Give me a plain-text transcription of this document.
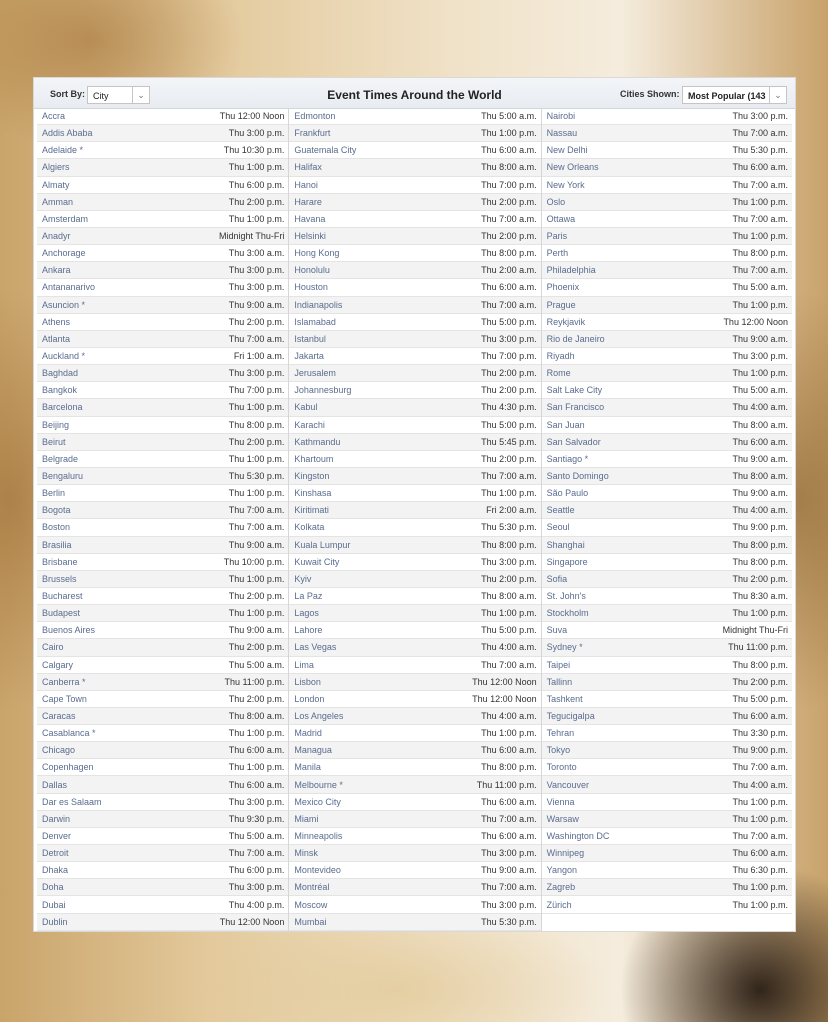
Sort By: City	⌄	Event Times Around the World	Cities Shown: Most Popular (143 ⌄
Accra	Thu 12:00 Noon
Addis Ababa	Thu 3:00 p.m.
Adelaide *	Thu 10:30 p.m.
Algiers	Thu 1:00 p.m.
Almaty	Thu 6:00 p.m.
Amman	Thu 2:00 p.m.
Amsterdam	Thu 1:00 p.m.
Anadyr	Midnight Thu-Fri
Anchorage	Thu 3:00 a.m.
Ankara	Thu 3:00 p.m.
Antananarivo	Thu 3:00 p.m.
Asuncion *	Thu 9:00 a.m.
Athens	Thu 2:00 p.m.
Atlanta	Thu 7:00 a.m.
Auckland *	Fri 1:00 a.m.
Baghdad	Thu 3:00 p.m.
Bangkok	Thu 7:00 p.m.
Barcelona	Thu 1:00 p.m.
Beijing	Thu 8:00 p.m.
Beirut	Thu 2:00 p.m.
Belgrade	Thu 1:00 p.m.
Bengaluru	Thu 5:30 p.m.
Berlin	Thu 1:00 p.m.
Bogota	Thu 7:00 a.m.
Boston	Thu 7:00 a.m.
Brasilia	Thu 9:00 a.m.
Brisbane	Thu 10:00 p.m.
Brussels	Thu 1:00 p.m.
Bucharest	Thu 2:00 p.m.
Budapest	Thu 1:00 p.m.
Buenos Aires	Thu 9:00 a.m.
Cairo	Thu 2:00 p.m.
Calgary	Thu 5:00 a.m.
Canberra *	Thu 11:00 p.m.
Cape Town	Thu 2:00 p.m.
Caracas	Thu 8:00 a.m.
Casablanca *	Thu 1:00 p.m.
Chicago	Thu 6:00 a.m.
Copenhagen	Thu 1:00 p.m.
Dallas	Thu 6:00 a.m.
Dar es Salaam	Thu 3:00 p.m.
Darwin	Thu 9:30 p.m.
Denver	Thu 5:00 a.m.
Detroit	Thu 7:00 a.m.
Dhaka	Thu 6:00 p.m.
Doha	Thu 3:00 p.m.
Dubai	Thu 4:00 p.m.
Dublin	Thu 12:00 Noon
Edmonton	Thu 5:00 a.m.
Frankfurt	Thu 1:00 p.m.
Guatemala City	Thu 6:00 a.m.
Halifax	Thu 8:00 a.m.
Hanoi	Thu 7:00 p.m.
Harare	Thu 2:00 p.m.
Havana	Thu 7:00 a.m.
Helsinki	Thu 2:00 p.m.
Hong Kong	Thu 8:00 p.m.
Honolulu	Thu 2:00 a.m.
Houston	Thu 6:00 a.m.
Indianapolis	Thu 7:00 a.m.
Islamabad	Thu 5:00 p.m.
Istanbul	Thu 3:00 p.m.
Jakarta	Thu 7:00 p.m.
Jerusalem	Thu 2:00 p.m.
Johannesburg	Thu 2:00 p.m.
Kabul	Thu 4:30 p.m.
Karachi	Thu 5:00 p.m.
Kathmandu	Thu 5:45 p.m.
Khartoum	Thu 2:00 p.m.
Kingston	Thu 7:00 a.m.
Kinshasa	Thu 1:00 p.m.
Kiritimati	Fri 2:00 a.m.
Kolkata	Thu 5:30 p.m.
Kuala Lumpur	Thu 8:00 p.m.
Kuwait City	Thu 3:00 p.m.
Kyiv	Thu 2:00 p.m.
La Paz	Thu 8:00 a.m.
Lagos	Thu 1:00 p.m.
Lahore	Thu 5:00 p.m.
Las Vegas	Thu 4:00 a.m.
Lima	Thu 7:00 a.m.
Lisbon	Thu 12:00 Noon
London	Thu 12:00 Noon
Los Angeles	Thu 4:00 a.m.
Madrid	Thu 1:00 p.m.
Managua	Thu 6:00 a.m.
Manila	Thu 8:00 p.m.
Melbourne *	Thu 11:00 p.m.
Mexico City	Thu 6:00 a.m.
Miami	Thu 7:00 a.m.
Minneapolis	Thu 6:00 a.m.
Minsk	Thu 3:00 p.m.
Montevideo	Thu 9:00 a.m.
Montréal	Thu 7:00 a.m.
Moscow	Thu 3:00 p.m.
Mumbai	Thu 5:30 p.m.
Nairobi	Thu 3:00 p.m.
Nassau	Thu 7:00 a.m.
New Delhi	Thu 5:30 p.m.
New Orleans	Thu 6:00 a.m.
New York	Thu 7:00 a.m.
Oslo	Thu 1:00 p.m.
Ottawa	Thu 7:00 a.m.
Paris	Thu 1:00 p.m.
Perth	Thu 8:00 p.m.
Philadelphia	Thu 7:00 a.m.
Phoenix	Thu 5:00 a.m.
Prague	Thu 1:00 p.m.
Reykjavik	Thu 12:00 Noon
Rio de Janeiro	Thu 9:00 a.m.
Riyadh	Thu 3:00 p.m.
Rome	Thu 1:00 p.m.
Salt Lake City	Thu 5:00 a.m.
San Francisco	Thu 4:00 a.m.
San Juan	Thu 8:00 a.m.
San Salvador	Thu 6:00 a.m.
Santiago *	Thu 9:00 a.m.
Santo Domingo	Thu 8:00 a.m.
São Paulo	Thu 9:00 a.m.
Seattle	Thu 4:00 a.m.
Seoul	Thu 9:00 p.m.
Shanghai	Thu 8:00 p.m.
Singapore	Thu 8:00 p.m.
Sofia	Thu 2:00 p.m.
St. John's	Thu 8:30 a.m.
Stockholm	Thu 1:00 p.m.
Suva	Midnight Thu-Fri
Sydney *	Thu 11:00 p.m.
Taipei	Thu 8:00 p.m.
Tallinn	Thu 2:00 p.m.
Tashkent	Thu 5:00 p.m.
Tegucigalpa	Thu 6:00 a.m.
Tehran	Thu 3:30 p.m.
Tokyo	Thu 9:00 p.m.
Toronto	Thu 7:00 a.m.
Vancouver	Thu 4:00 a.m.
Vienna	Thu 1:00 p.m.
Warsaw	Thu 1:00 p.m.
Washington DC	Thu 7:00 a.m.
Winnipeg	Thu 6:00 a.m.
Yangon	Thu 6:30 p.m.
Zagreb	Thu 1:00 p.m.
Zürich	Thu 1:00 p.m.
